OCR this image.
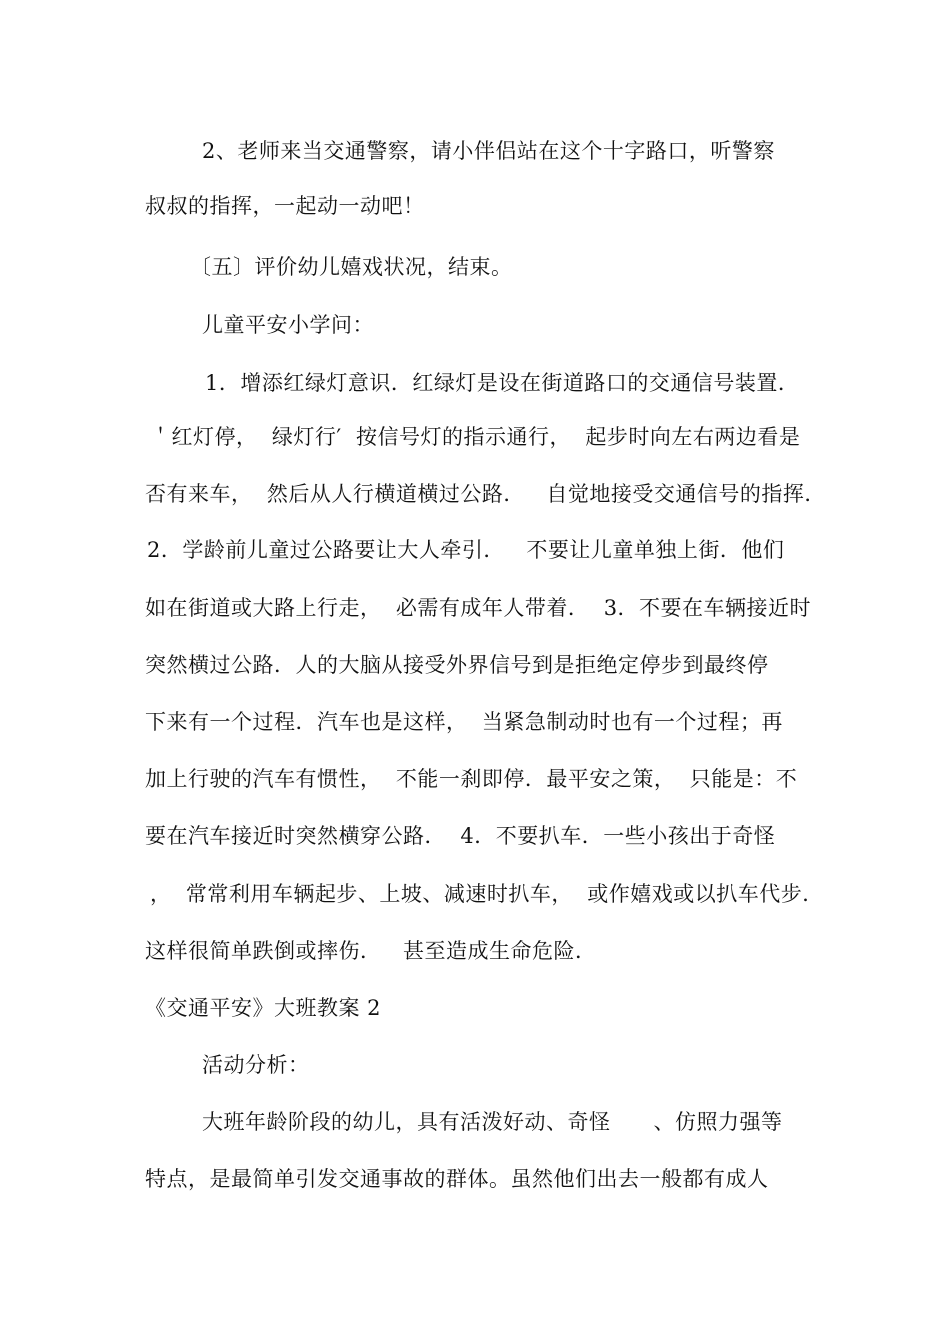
2、老师来当交通警察，请小伴侣站在这个十字路口，听警察
叔叔的指挥，一起动一动吧！
〔五〕评价幼儿嬉戏状况，结束。
儿童平安小学问：
1．增添红绿灯意识．红绿灯是设在街道路口的交通信号装置．
＇红灯停，  绿灯行′  按信号灯的指示通行，  起步时向左右两边看是
否有来车，  然后从人行横道横过公路．   自觉地接受交通信号的指挥．
2．学龄前儿童过公路要让大人牵引．   不要让儿童单独上街．他们
如在街道或大路上行走，  必需有成年人带着．  3．不要在车辆接近时
突然横过公路．人的大脑从接受外界信号到是拒绝定停步到最终停
下来有一个过程．汽车也是这样，  当紧急制动时也有一个过程；再
加上行驶的汽车有惯性，  不能一刹即停．最平安之策，  只能是：不
要在汽车接近时突然横穿公路．  4．不要扒车．一些小孩出于奇怪
，  常常利用车辆起步、上坡、减速时扒车，  或作嬉戏或以扒车代步．
这样很简单跌倒或摔伤．   甚至造成生命危险．
《交通平安》大班教案 2
活动分析：
大班年龄阶段的幼儿，具有活泼好动、奇怪      、仿照力强等
特点，是最简单引发交通事故的群体。虽然他们出去一般都有成人
